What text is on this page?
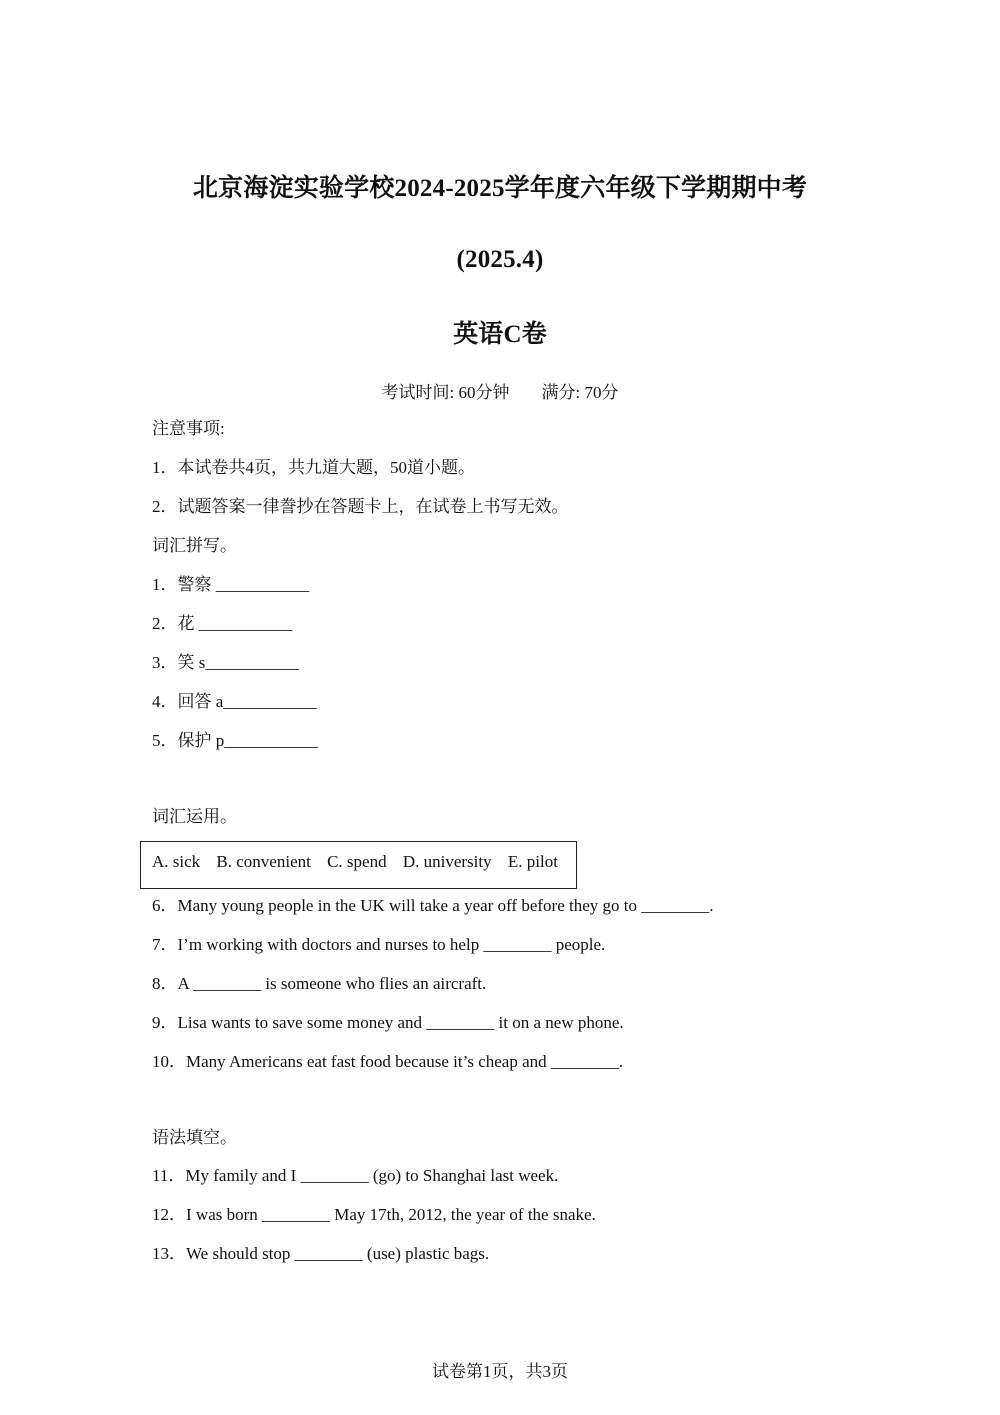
北京海淀实验学校2024-2025学年度六年级下学期期中考
(2025.4)
英语C卷
考试时间: 60分钟 满分: 70分
注意事项:
1．本试卷共4页，共九道大题，50道小题。
2．试题答案一律誊抄在答题卡上，在试卷上书写无效。
词汇拼写。
1．警察 ___________
2．花 ___________
3．笑 s___________
4．回答 a___________
5．保护 p___________
词汇运用。
A. sick B. convenient C. spend D. university E. pilot
6．Many young people in the UK will take a year off before they go to ________.
7．I’m working with doctors and nurses to help ________ people.
8．A ________ is someone who flies an aircraft.
9．Lisa wants to save some money and ________ it on a new phone.
10．Many Americans eat fast food because it’s cheap and ________.
语法填空。
11．My family and I ________ (go) to Shanghai last week.
12．I was born ________ May 17th, 2012, the year of the snake.
13．We should stop ________ (use) plastic bags.
试卷第1页，共3页
